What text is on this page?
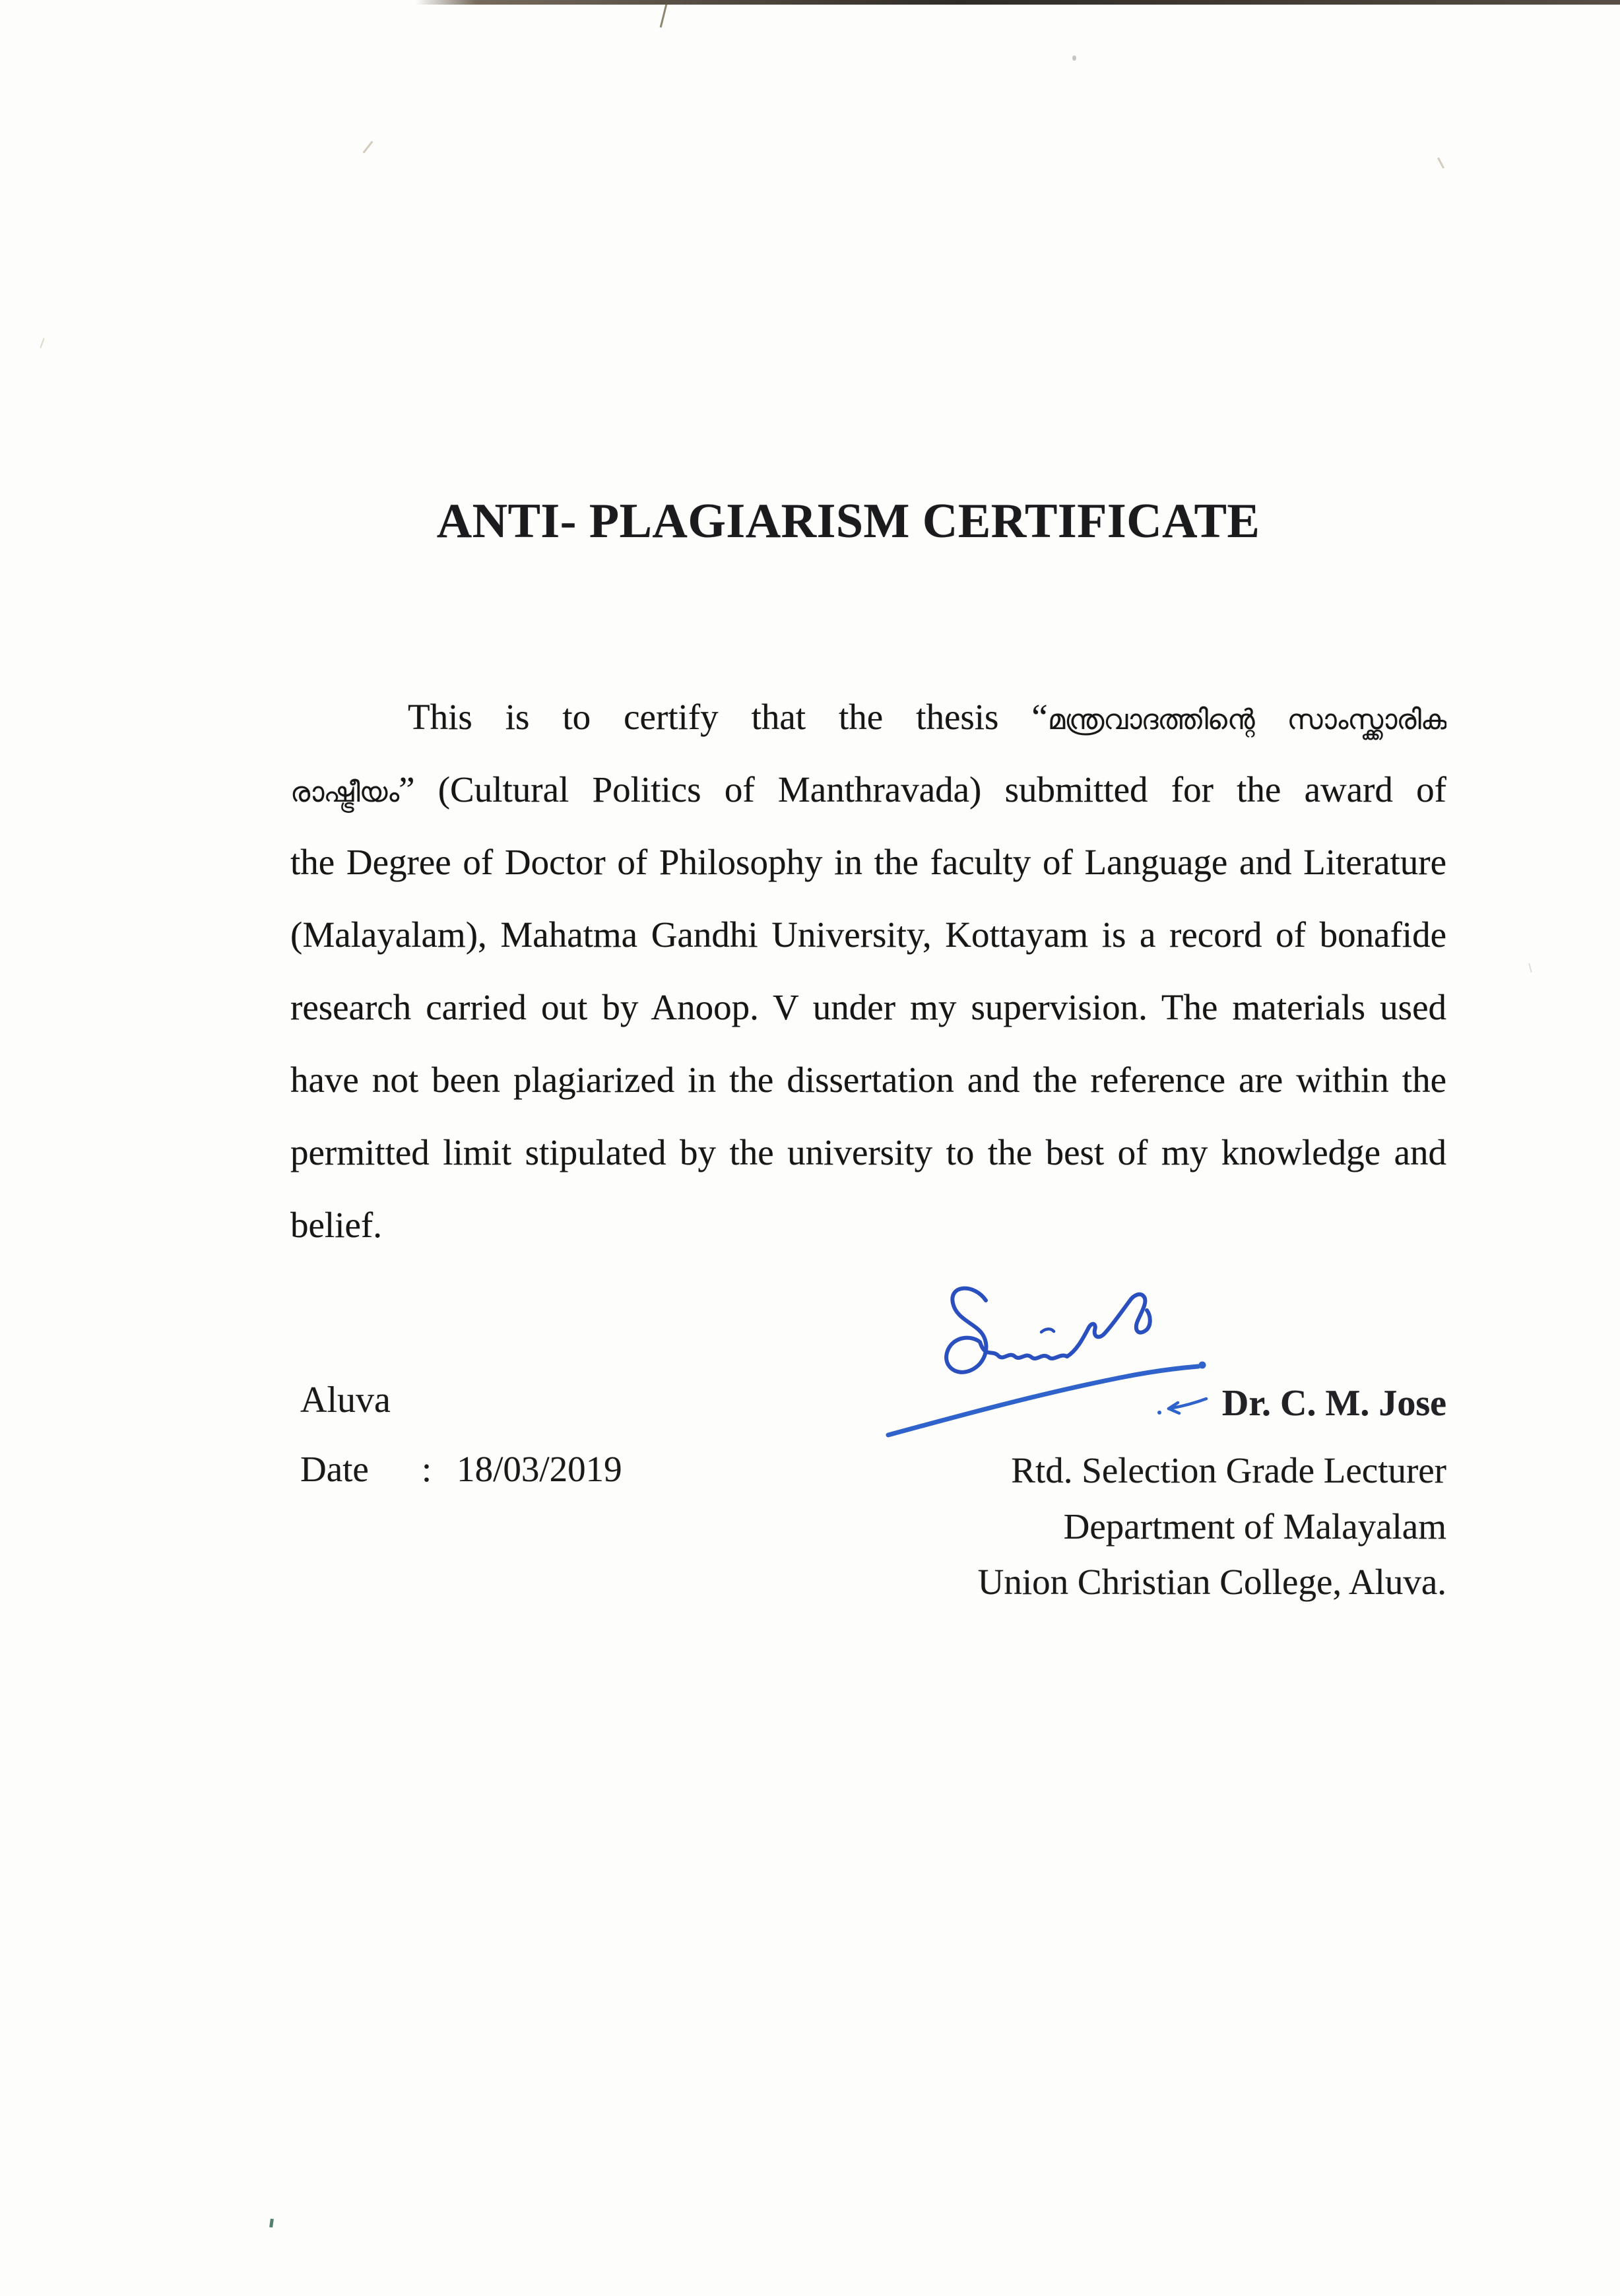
ANTI- PLAGIARISM CERTIFICATE
This is to certify that the thesis “മന്ത്രവാദത്തിന്റെ സാംസ്ക്കാരിക
രാഷ്ട്രീയം” (Cultural Politics of Manthravada) submitted for the award of
the Degree of Doctor of Philosophy in the faculty of Language and Literature
(Malayalam), Mahatma Gandhi University, Kottayam is a record of bonafide
research carried out by Anoop. V under my supervision. The materials used
have not been plagiarized in the dissertation and the reference are within the
permitted limit stipulated by the university to the best of my knowledge and
belief.
Aluva
Date : 18/03/2019
Dr. C. M. Jose
Rtd. Selection Grade Lecturer
Department of Malayalam
Union Christian College, Aluva.
